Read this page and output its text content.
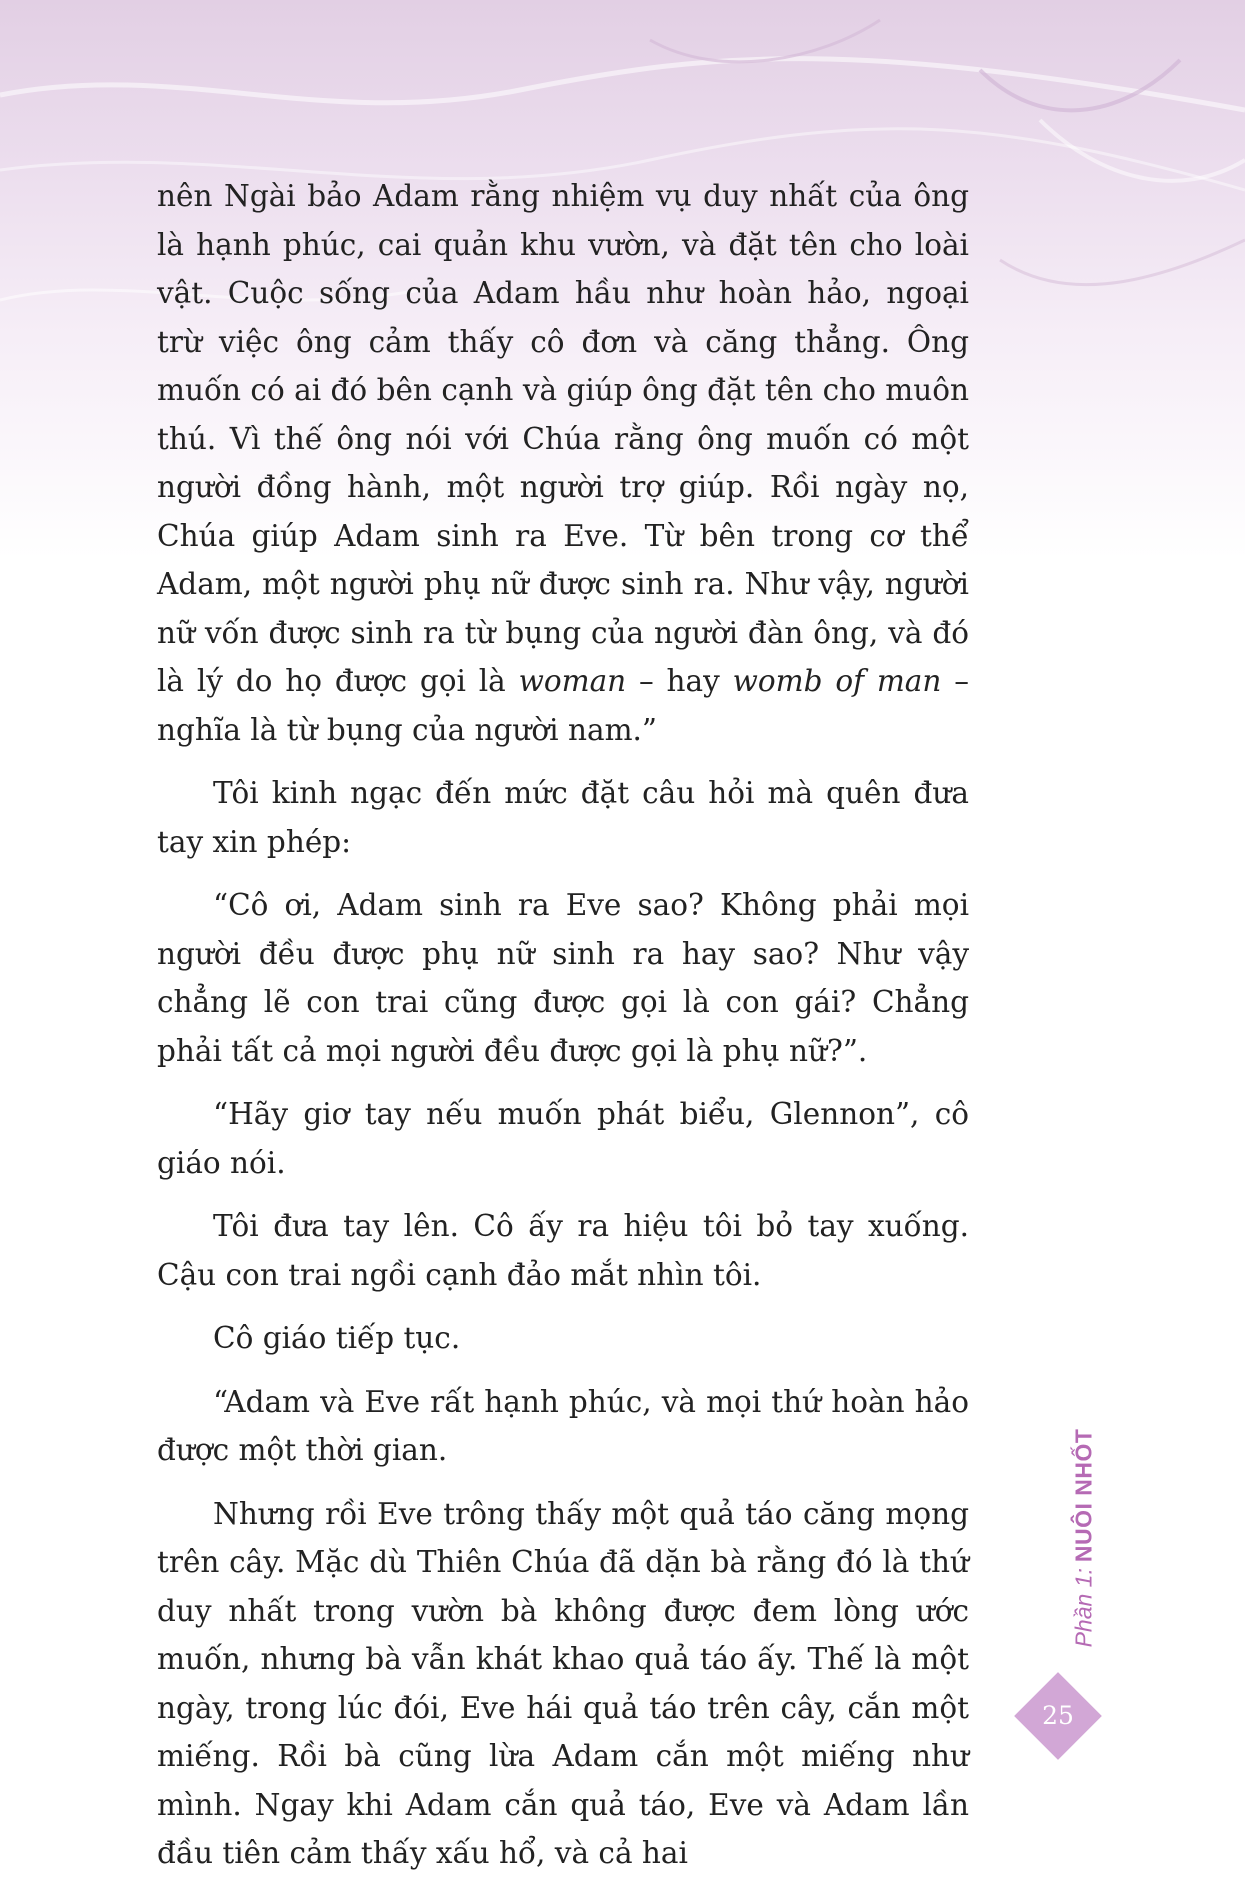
nên Ngài bảo Adam rằng nhiệm vụ duy nhất của ông là hạnh phúc, cai quản khu vườn, và đặt tên cho loài vật. Cuộc sống của Adam hầu như hoàn hảo, ngoại trừ việc ông cảm thấy cô đơn và căng thẳng. Ông muốn có ai đó bên cạnh và giúp ông đặt tên cho muôn thú. Vì thế ông nói với Chúa rằng ông muốn có một người đồng hành, một người trợ giúp. Rồi ngày nọ, Chúa giúp Adam sinh ra Eve. Từ bên trong cơ thể Adam, một người phụ nữ được sinh ra. Như vậy, người nữ vốn được sinh ra từ bụng của người đàn ông, và đó là lý do họ được gọi là woman – hay womb of man – nghĩa là từ bụng của người nam.”

Tôi kinh ngạc đến mức đặt câu hỏi mà quên đưa tay xin phép:

“Cô ơi, Adam sinh ra Eve sao? Không phải mọi người đều được phụ nữ sinh ra hay sao? Như vậy chẳng lẽ con trai cũng được gọi là con gái? Chẳng phải tất cả mọi người đều được gọi là phụ nữ?”.

“Hãy giơ tay nếu muốn phát biểu, Glennon”, cô giáo nói.

Tôi đưa tay lên. Cô ấy ra hiệu tôi bỏ tay xuống. Cậu con trai ngồi cạnh đảo mắt nhìn tôi.

Cô giáo tiếp tục.

“Adam và Eve rất hạnh phúc, và mọi thứ hoàn hảo được một thời gian.

Nhưng rồi Eve trông thấy một quả táo căng mọng trên cây. Mặc dù Thiên Chúa đã dặn bà rằng đó là thứ duy nhất trong vườn bà không được đem lòng ước muốn, nhưng bà vẫn khát khao quả táo ấy. Thế là một ngày, trong lúc đói, Eve hái quả táo trên cây, cắn một miếng. Rồi bà cũng lừa Adam cắn một miếng như mình. Ngay khi Adam cắn quả táo, Eve và Adam lần đầu tiên cảm thấy xấu hổ, và cả hai

Phần 1:NUÔI NHỐT
25
